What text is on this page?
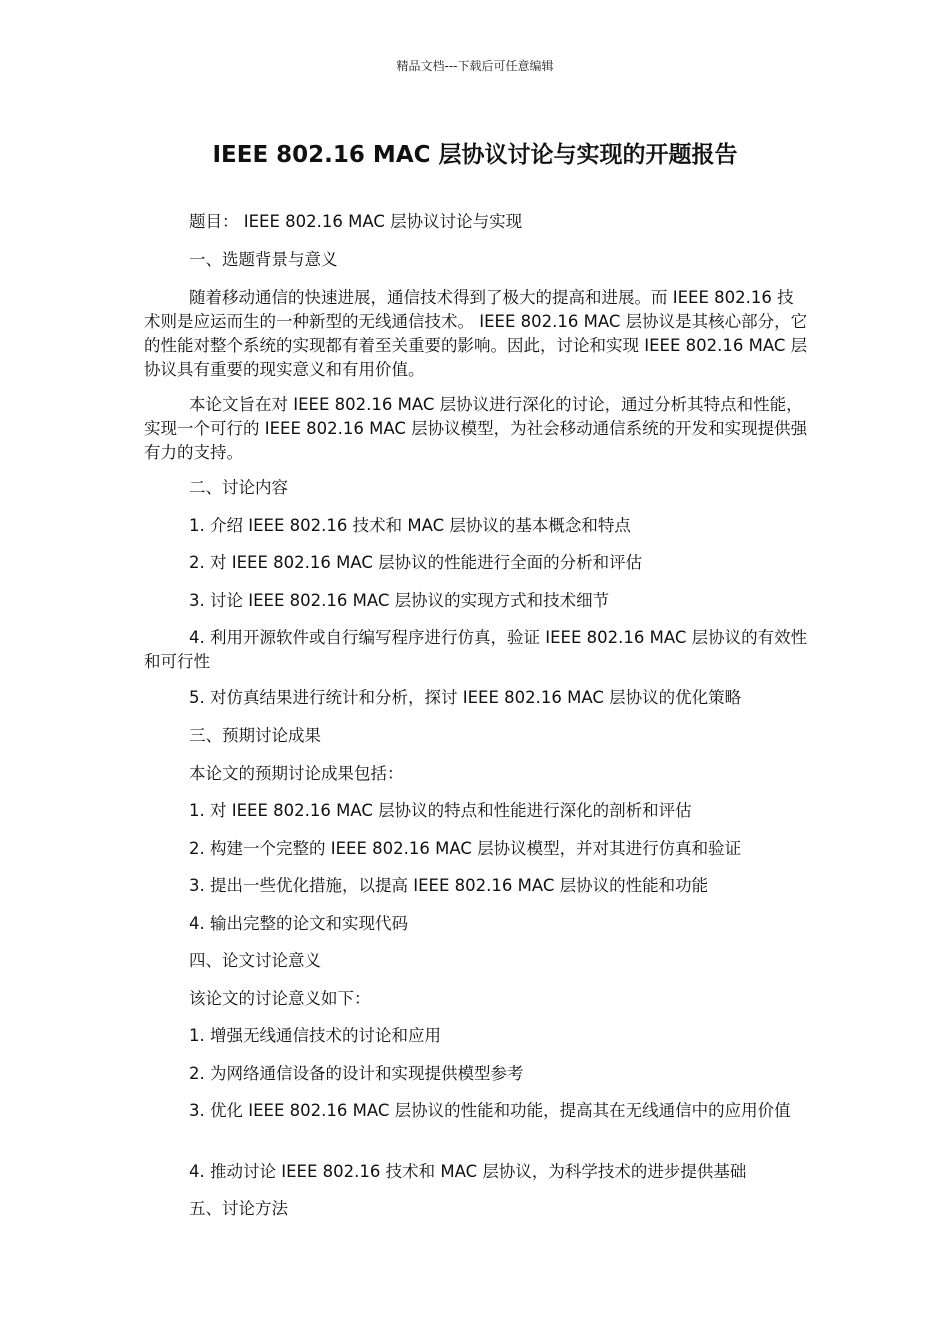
精品文档---下载后可任意编辑
IEEE 802.16 MAC 层协议讨论与实现的开题报告

题目： IEEE 802.16 MAC 层协议讨论与实现

一、选题背景与意义

随着移动通信的快速进展，通信技术得到了极大的提高和进展。而 IEEE 802.16 技术则是应运而生的一种新型的无线通信技术。 IEEE 802.16 MAC 层协议是其核心部分，它的性能对整个系统的实现都有着至关重要的影响。因此，讨论和实现 IEEE 802.16 MAC 层协议具有重要的现实意义和有用价值。

本论文旨在对 IEEE 802.16 MAC 层协议进行深化的讨论，通过分析其特点和性能，实现一个可行的 IEEE 802.16 MAC 层协议模型，为社会移动通信系统的开发和实现提供强有力的支持。

二、讨论内容

1. 介绍 IEEE 802.16 技术和 MAC 层协议的基本概念和特点

2. 对 IEEE 802.16 MAC 层协议的性能进行全面的分析和评估

3. 讨论 IEEE 802.16 MAC 层协议的实现方式和技术细节

4. 利用开源软件或自行编写程序进行仿真，验证 IEEE 802.16 MAC 层协议的有效性和可行性

5. 对仿真结果进行统计和分析，探讨 IEEE 802.16 MAC 层协议的优化策略

三、预期讨论成果

本论文的预期讨论成果包括：

1. 对 IEEE 802.16 MAC 层协议的特点和性能进行深化的剖析和评估

2. 构建一个完整的 IEEE 802.16 MAC 层协议模型，并对其进行仿真和验证

3. 提出一些优化措施，以提高 IEEE 802.16 MAC 层协议的性能和功能

4. 输出完整的论文和实现代码

四、论文讨论意义

该论文的讨论意义如下：

1. 增强无线通信技术的讨论和应用

2. 为网络通信设备的设计和实现提供模型参考

3. 优化 IEEE 802.16 MAC 层协议的性能和功能，提高其在无线通信中的应用价值

4. 推动讨论 IEEE 802.16 技术和 MAC 层协议，为科学技术的进步提供基础

五、讨论方法
